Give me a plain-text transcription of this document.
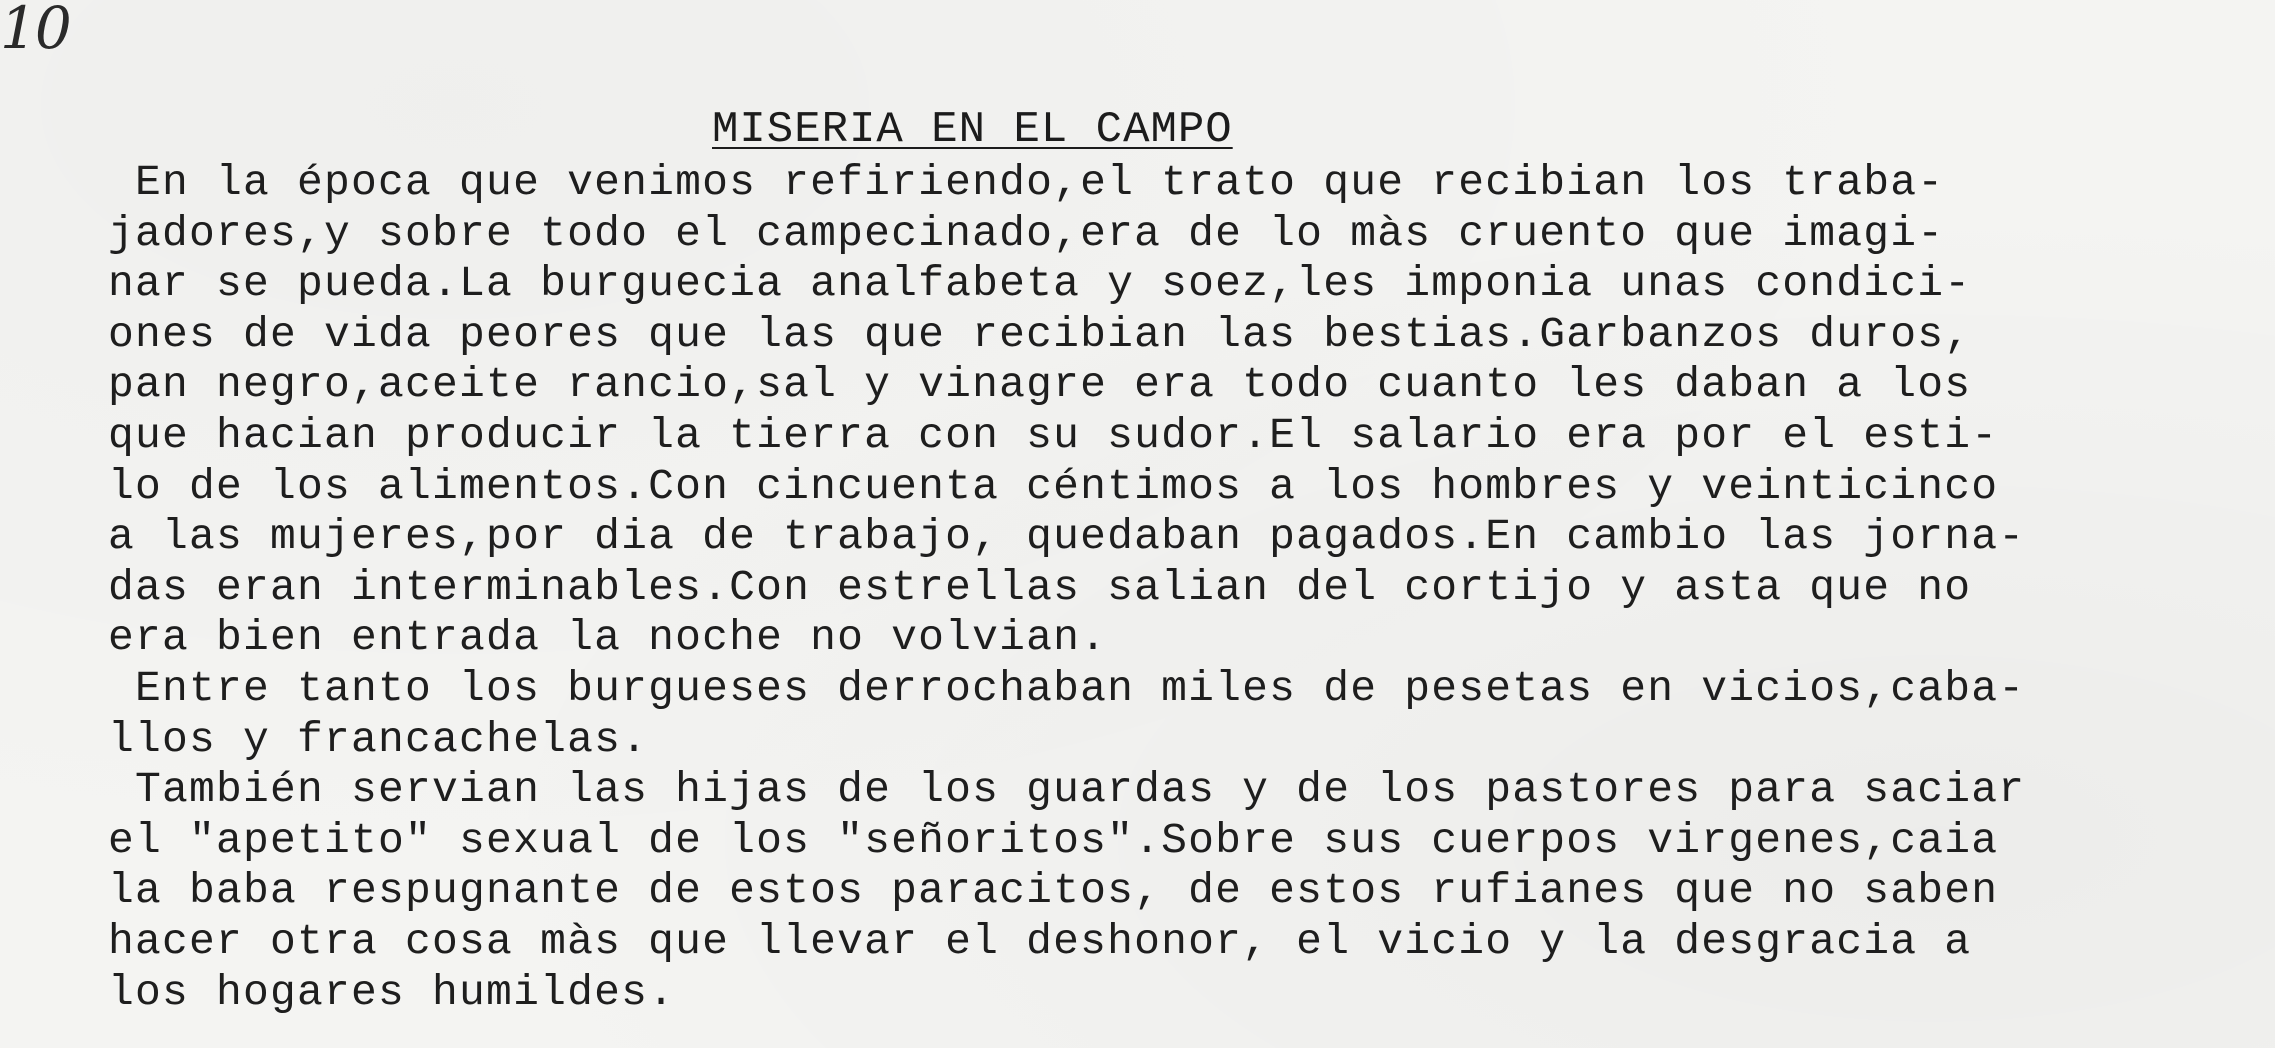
10
MISERIA EN EL CAMPO
En la época que venimos refiriendo,el trato que recibian los traba-
jadores,y sobre todo el campecinado,era de lo màs cruento que imagi-
nar se pueda.La burguecia analfabeta y soez,les imponia unas condici-
ones de vida peores que las que recibian las bestias.Garbanzos duros,
pan negro,aceite rancio,sal y vinagre era todo cuanto les daban a los
que hacian producir la tierra con su sudor.El salario era por el esti-
lo de los alimentos.Con cincuenta céntimos a los hombres y veinticinco
a las mujeres,por dia de trabajo, quedaban pagados.En cambio las jorna-
das eran interminables.Con estrellas salian del cortijo y asta que no
era bien entrada la noche no volvian.
Entre tanto los burgueses derrochaban miles de pesetas en vicios,caba-
llos y francachelas.
También servian las hijas de los guardas y de los pastores para saciar
el "apetito" sexual de los "señoritos".Sobre sus cuerpos virgenes,caia
la baba respugnante de estos paracitos, de estos rufianes que no saben
hacer otra cosa màs que llevar el deshonor, el vicio y la desgracia a
los hogares humildes.
